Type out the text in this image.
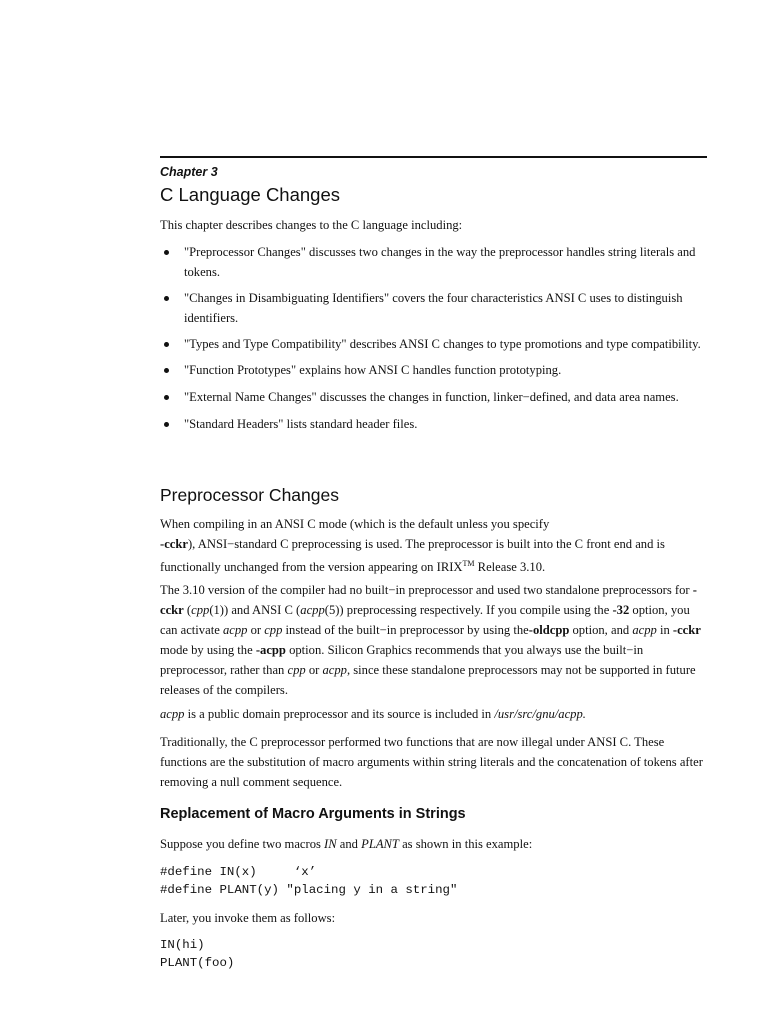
Chapter 3
C Language Changes

This chapter describes changes to the C language including:

"Preprocessor Changes" discusses two changes in the way the preprocessor handles string literals and tokens.
"Changes in Disambiguating Identifiers" covers the four characteristics ANSI C uses to distinguish identifiers.
"Types and Type Compatibility" describes ANSI C changes to type promotions and type compatibility.
"Function Prototypes" explains how ANSI C handles function prototyping.
"External Name Changes" discusses the changes in function, linker−defined, and data area names.
"Standard Headers" lists standard header files.
Preprocessor Changes

When compiling in an ANSI C mode (which is the default unless you specify
-cckr), ANSI−standard C preprocessing is used. The preprocessor is built into the C front end and is functionally unchanged from the version appearing on IRIX™ Release 3.10.

The 3.10 version of the compiler had no built−in preprocessor and used two standalone preprocessors for -cckr (cpp(1)) and ANSI C (acpp(5)) preprocessing respectively. If you compile using the -32 option, you can activate acpp or cpp instead of the built−in preprocessor by using the-oldcpp option, and acpp in -cckr mode by using the -acpp option. Silicon Graphics recommends that you always use the built−in preprocessor, rather than cpp or acpp, since these standalone preprocessors may not be supported in future releases of the compilers.

acpp is a public domain preprocessor and its source is included in /usr/src/gnu/acpp.

Traditionally, the C preprocessor performed two functions that are now illegal under ANSI C. These functions are the substitution of macro arguments within string literals and the concatenation of tokens after removing a null comment sequence.

Replacement of Macro Arguments in Strings

Suppose you define two macros IN and PLANT as shown in this example:

#define IN(x)     ‘x’
#define PLANT(y) "placing y in a string"

Later, you invoke them as follows:

IN(hi)
PLANT(foo)
